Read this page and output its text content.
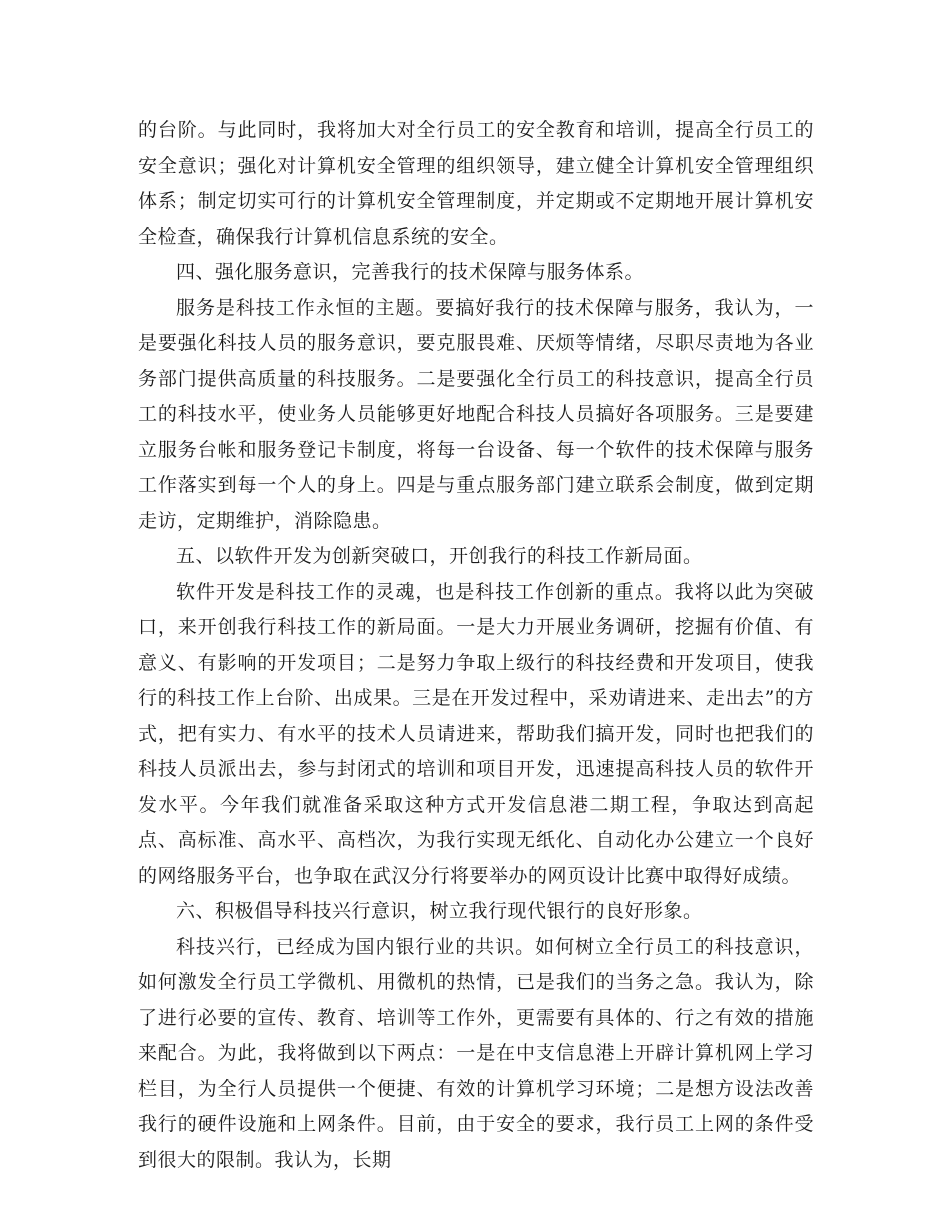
的台阶。与此同时，我将加大对全行员工的安全教育和培训，提高全行员工的安全意识；强化对计算机安全管理的组织领导，建立健全计算机安全管理组织体系；制定切实可行的计算机安全管理制度，并定期或不定期地开展计算机安全检查，确保我行计算机信息系统的安全。

四、强化服务意识，完善我行的技术保障与服务体系。

服务是科技工作永恒的主题。要搞好我行的技术保障与服务，我认为，一是要强化科技人员的服务意识，要克服畏难、厌烦等情绪，尽职尽责地为各业务部门提供高质量的科技服务。二是要强化全行员工的科技意识，提高全行员工的科技水平，使业务人员能够更好地配合科技人员搞好各项服务。三是要建立服务台帐和服务登记卡制度，将每一台设备、每一个软件的技术保障与服务工作落实到每一个人的身上。四是与重点服务部门建立联系会制度，做到定期走访，定期维护，消除隐患。

五、以软件开发为创新突破口，开创我行的科技工作新局面。

软件开发是科技工作的灵魂，也是科技工作创新的重点。我将以此为突破口，来开创我行科技工作的新局面。一是大力开展业务调研，挖掘有价值、有意义、有影响的开发项目；二是努力争取上级行的科技经费和开发项目，使我行的科技工作上台阶、出成果。三是在开发过程中，采劝请进来、走出去”的方式，把有实力、有水平的技术人员请进来，帮助我们搞开发，同时也把我们的科技人员派出去，参与封闭式的培训和项目开发，迅速提高科技人员的软件开发水平。今年我们就准备采取这种方式开发信息港二期工程，争取达到高起点、高标准、高水平、高档次，为我行实现无纸化、自动化办公建立一个良好的网络服务平台，也争取在武汉分行将要举办的网页设计比赛中取得好成绩。

六、积极倡导科技兴行意识，树立我行现代银行的良好形象。

科技兴行，已经成为国内银行业的共识。如何树立全行员工的科技意识，如何激发全行员工学微机、用微机的热情，已是我们的当务之急。我认为，除了进行必要的宣传、教育、培训等工作外，更需要有具体的、行之有效的措施来配合。为此，我将做到以下两点：一是在中支信息港上开辟计算机网上学习栏目，为全行人员提供一个便捷、有效的计算机学习环境；二是想方设法改善我行的硬件设施和上网条件。目前，由于安全的要求，我行员工上网的条件受到很大的限制。我认为，长期
